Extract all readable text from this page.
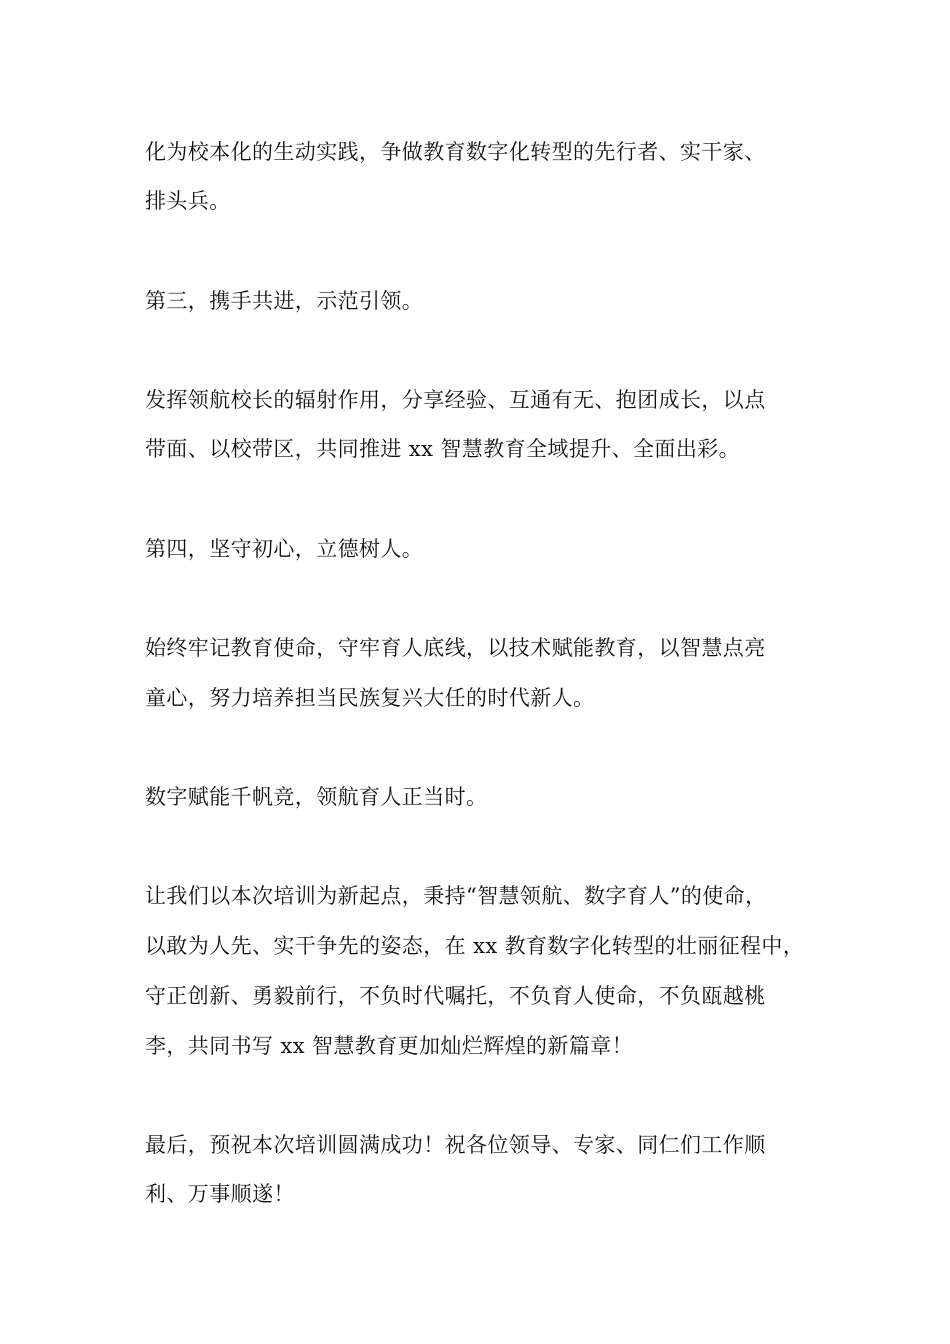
化为校本化的生动实践，争做教育数字化转型的先行者、实干家、
排头兵。
第三，携手共进，示范引领。
发挥领航校长的辐射作用，分享经验、互通有无、抱团成长，以点
带面、以校带区，共同推进 xx 智慧教育全域提升、全面出彩。
第四，坚守初心，立德树人。
始终牢记教育使命，守牢育人底线，以技术赋能教育，以智慧点亮
童心，努力培养担当民族复兴大任的时代新人。
数字赋能千帆竞，领航育人正当时。
让我们以本次培训为新起点，秉持“智慧领航、数字育人”的使命，
以敢为人先、实干争先的姿态，在 xx 教育数字化转型的壮丽征程中，
守正创新、勇毅前行，不负时代嘱托，不负育人使命，不负瓯越桃
李，共同书写 xx 智慧教育更加灿烂辉煌的新篇章！
最后，预祝本次培训圆满成功！祝各位领导、专家、同仁们工作顺
利、万事顺遂！
